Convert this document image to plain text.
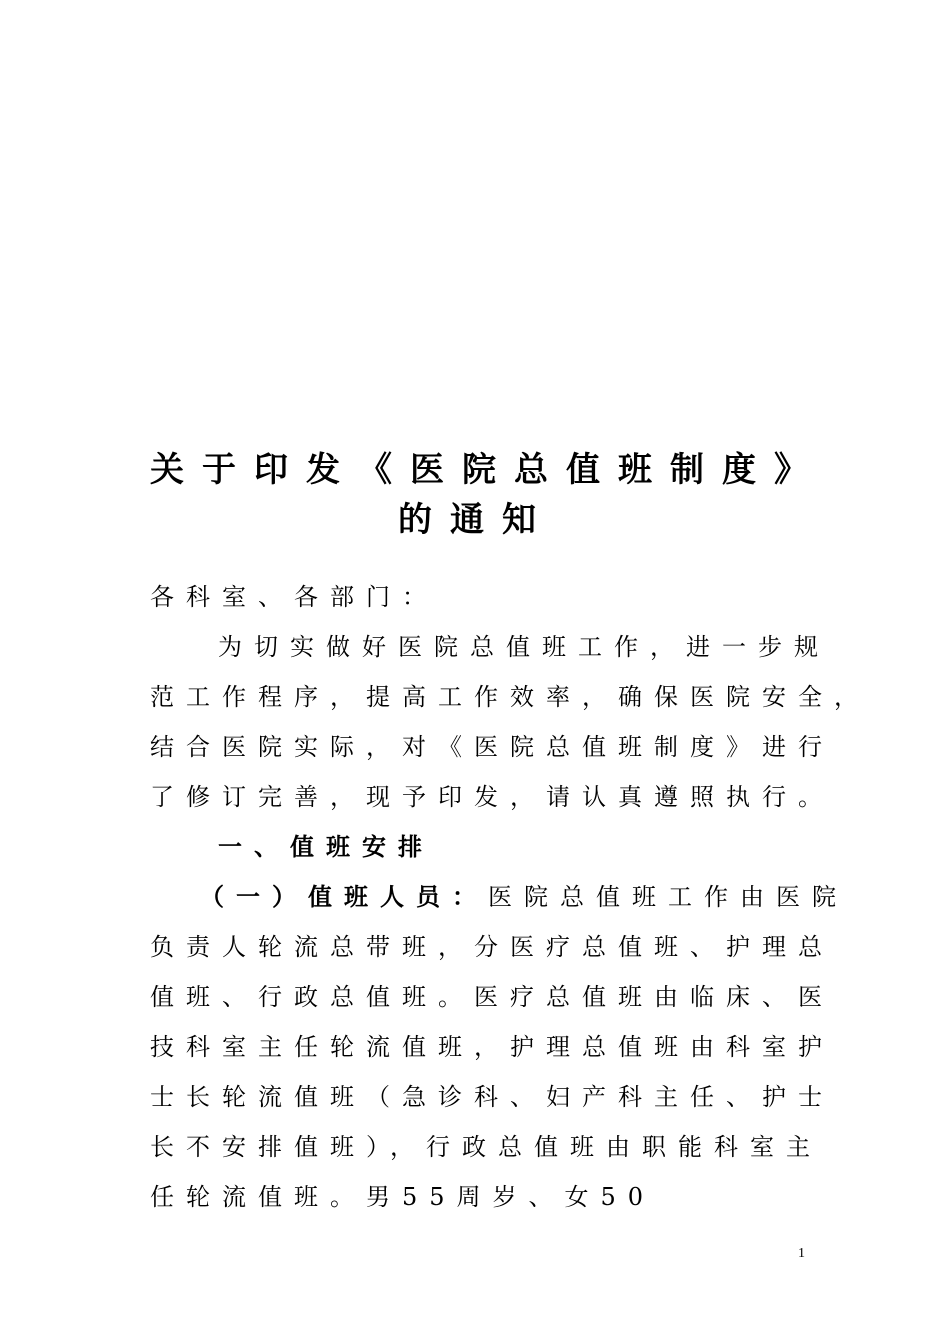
关于印发《医院总值班制度》
的通知
各科室、各部门：
为切实做好医院总值班工作，进一步规
范工作程序，提高工作效率，确保医院安全，
结合医院实际，对《医院总值班制度》进行
了修订完善，现予印发，请认真遵照执行。
一、值班安排
（一）值班人员：医院总值班工作由医院
负责人轮流总带班，分医疗总值班、护理总
值班、行政总值班。医疗总值班由临床、医
技科室主任轮流值班，护理总值班由科室护
士长轮流值班（急诊科、妇产科主任、护士
长不安排值班），行政总值班由职能科室主
任轮流值班。男55周岁、女50
1
